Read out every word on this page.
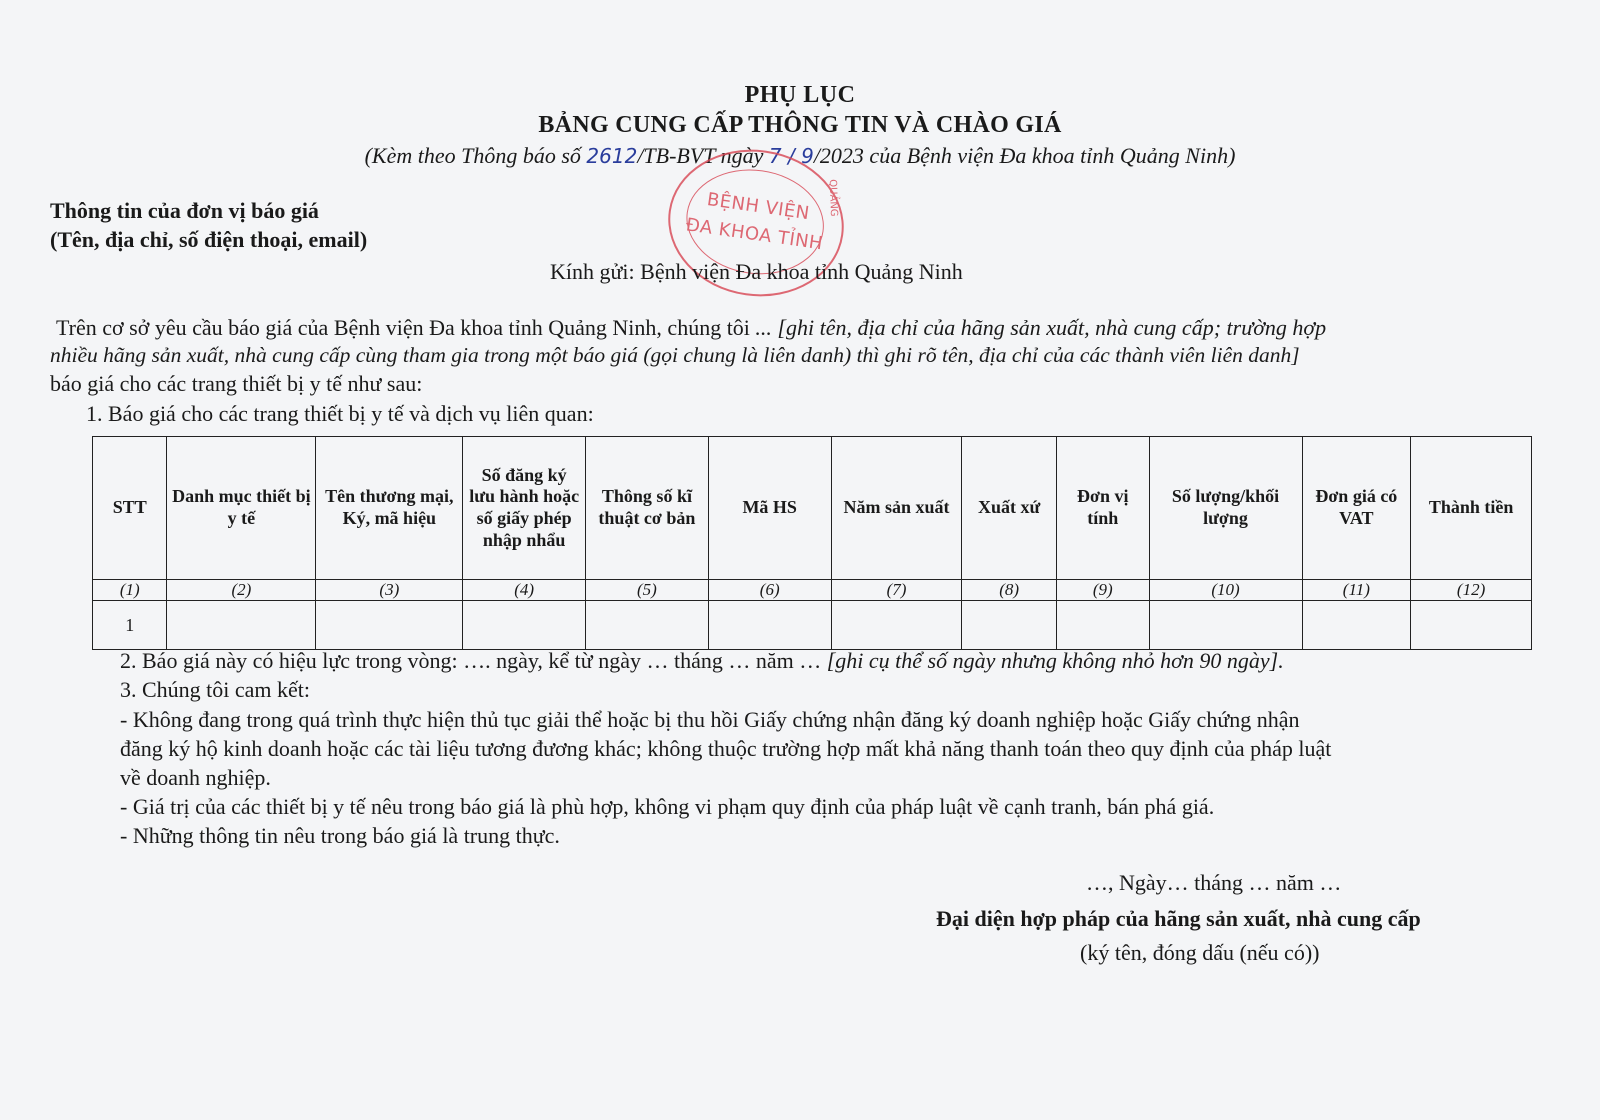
PHỤ LỤC
BẢNG CUNG CẤP THÔNG TIN VÀ CHÀO GIÁ
(Kèm theo Thông báo số 2612/TB-BVT ngày 7 / 9/2023 của Bệnh viện Đa khoa tỉnh Quảng Ninh)
BỆNH VIỆN
ĐA KHOA TỈNH
QUẢNG
Thông tin của đơn vị báo giá
(Tên, địa chỉ, số điện thoại, email)
Kính gửi: Bệnh viện Đa khoa tỉnh Quảng Ninh
Trên cơ sở yêu cầu báo giá của Bệnh viện Đa khoa tỉnh Quảng Ninh, chúng tôi ... [ghi tên, địa chỉ của hãng sản xuất, nhà cung cấp; trường hợp
nhiều hãng sản xuất, nhà cung cấp cùng tham gia trong một báo giá (gọi chung là liên danh) thì ghi rõ tên, địa chỉ của các thành viên liên danh]
báo giá cho các trang thiết bị y tế như sau:
1. Báo giá cho các trang thiết bị y tế và dịch vụ liên quan:
STT	Danh mục thiết bị y tế	Tên thương mại, Ký, mã hiệu	Số đăng ký lưu hành hoặc số giấy phép nhập nhẩu	Thông số kĩ thuật cơ bản	Mã HS	Năm sản xuất	Xuất xứ	Đơn vị tính	Số lượng/khối lượng	Đơn giá có VAT	Thành tiền
(1)	(2)	(3)	(4)	(5)	(6)	(7)	(8)	(9)	(10)	(11)	(12)
1											
2. Báo giá này có hiệu lực trong vòng: …. ngày, kể từ ngày … tháng … năm … [ghi cụ thể số ngày nhưng không nhỏ hơn 90 ngày].
3. Chúng tôi cam kết:
- Không đang trong quá trình thực hiện thủ tục giải thể hoặc bị thu hồi Giấy chứng nhận đăng ký doanh nghiệp hoặc Giấy chứng nhận
đăng ký hộ kinh doanh hoặc các tài liệu tương đương khác; không thuộc trường hợp mất khả năng thanh toán theo quy định của pháp luật
về doanh nghiệp.
- Giá trị của các thiết bị y tế nêu trong báo giá là phù hợp, không vi phạm quy định của pháp luật về cạnh tranh, bán phá giá.
- Những thông tin nêu trong báo giá là trung thực.
…, Ngày… tháng … năm …
Đại diện hợp pháp của hãng sản xuất, nhà cung cấp
(ký tên, đóng dấu (nếu có))
